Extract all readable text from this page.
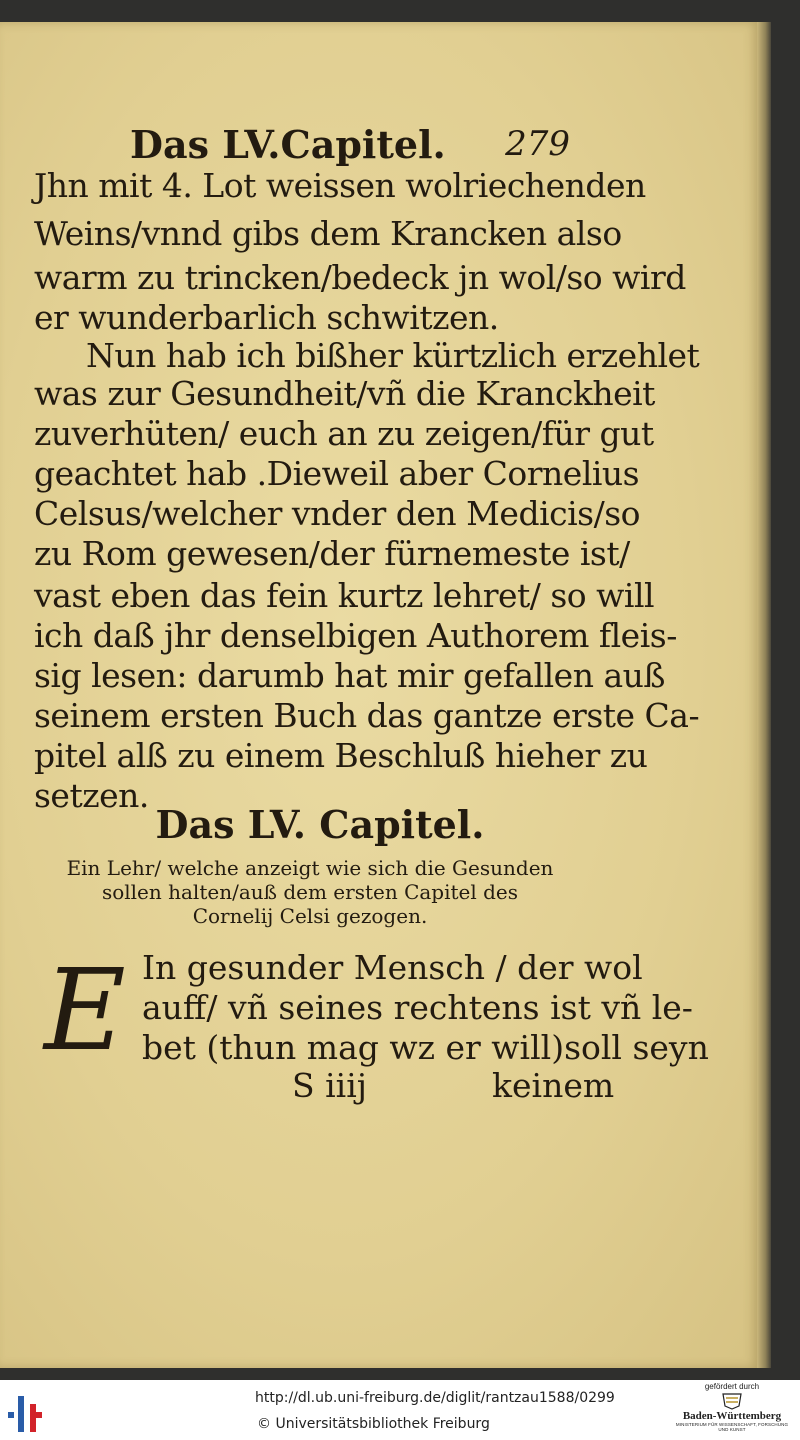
Das LV.Capitel. 279
Jhn mit 4. Lot weissen wolriechenden
Weins/vnnd gibs dem Krancken also
warm zu trincken/bedeck jn wol/so wird
er wunderbarlich schwitzen.
Nun hab ich bißher kürtzlich erzehlet
was zur Gesundheit/vñ die Kranckheit
zuverhüten/ euch an zu zeigen/für gut
geachtet hab .Dieweil aber Cornelius
Celsus/welcher vnder den Medicis/so
zu Rom gewesen/der fürnemeste ist/
vast eben das fein kurtz lehret/ so will
ich daß jhr denselbigen Authorem fleis-
sig lesen: darumb hat mir gefallen auß
seinem ersten Buch das gantze erste Ca-
pitel alß zu einem Beschluß hieher zu
setzen.
Das LV. Capitel.
Ein Lehr/ welche anzeigt wie sich die Gesunden
sollen halten/auß dem ersten Capitel des
Cornelij Celsi gezogen.
E In gesunder Mensch / der wol
auff/ vñ seines rechtens ist vñ le-
bet (thun mag wz er will)soll seyn
S iiij	keinem
http://dl.ub.uni-freiburg.de/diglit/rantzau1588/0299
© Universitätsbibliothek Freiburg
gefördert durch
Baden-Württemberg
MINISTERIUM FÜR WISSENSCHAFT, FORSCHUNG UND KUNST
